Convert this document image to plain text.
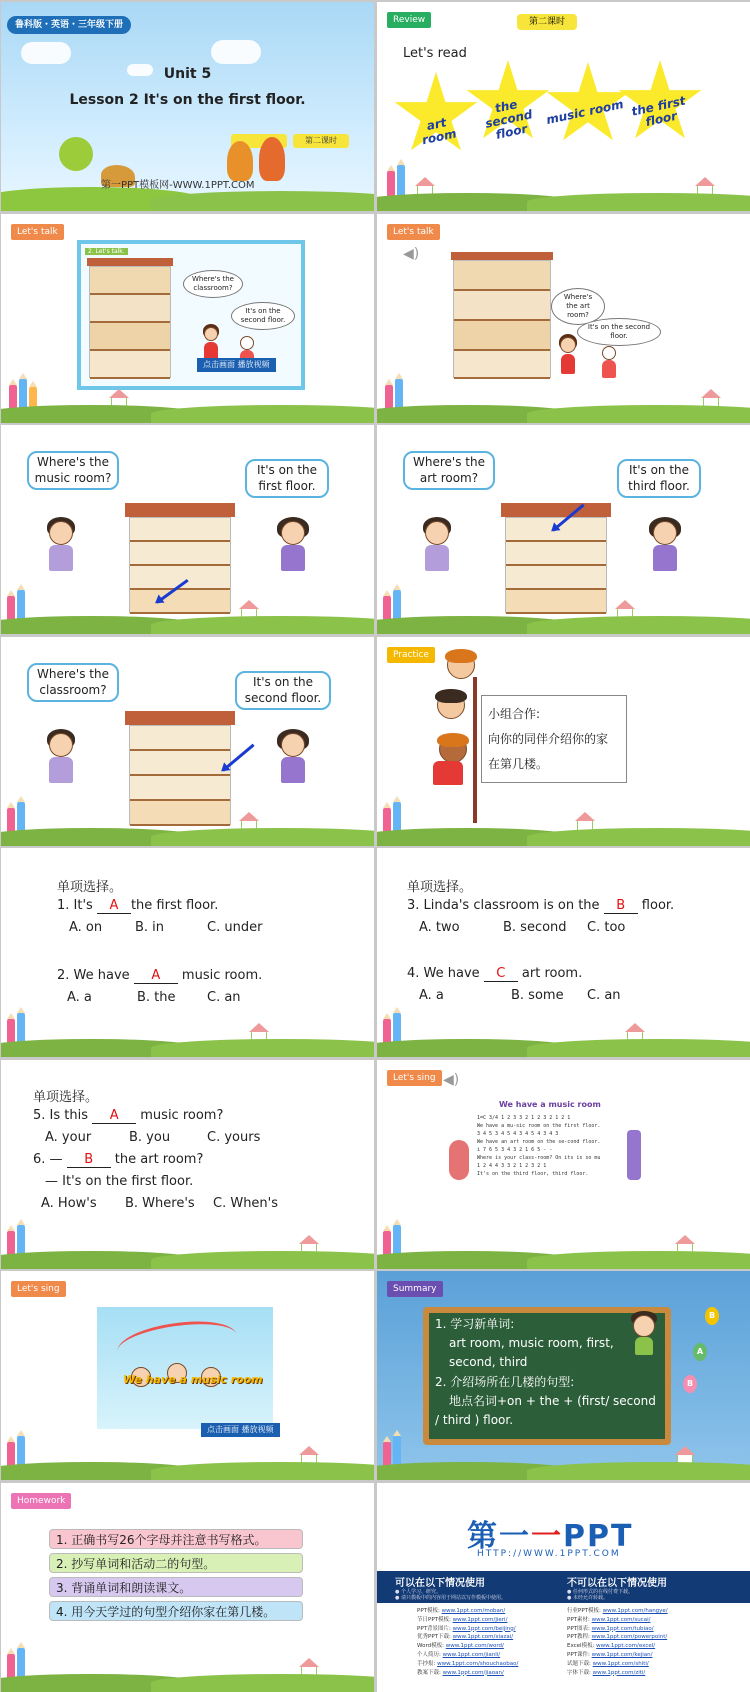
鲁科版・英语・三年级下册
Unit 5
Lesson 2 It's on the first floor.
第二课时
第一PPT模板网-WWW.1PPT.COM
Review	第二课时
Let's read
art room
the second floor
music room the first floor
Let's talk
2. Let's talk.
Where's the classroom?
It's on the second floor.
点击画面 播放视频
Let's talk
◀)
Where's the art room?
It's on the second floor.
Where's the music room?
It's on the first floor.
Where's the art room?
It's on the third floor.
Where's the classroom?
It's on the second floor.
Practice
小组合作:
向你的同伴介绍你的家
在第几楼。
单项选择。
1. It's A the first floor.
A. on	B. in	C. under
2. We have A music room.
A. a	B. the C. an
单项选择。
3. Linda's classroom is on the B floor.
A. two	B. second C. too
4. We have C art room.
A. a	B. some C. an
单项选择。
5. Is this A music room?
A. your	B. you	C. yours
6. — B the art room?
— It's on the first floor.
A. How's B. Where's C. When's
Let's sing ◀)
We have a music room
1=C 3/4 1 2 3 3 2 1 2 3 2 1 2 1
We have a mu-sic room on the first floor.
3 4 5 3 4 5 4 3 4 5 4 3 4 3
We have an art room on the se-cond floor.
i 7 6 5 3 4 3 2 1 6 5 - -
Where is your class-room? On its is so mu
1 2 4 4 3 3 2 1 2 3 2 1
It's on the third floor, third floor.
Let's sing
We have a music room
点击画面 播放视频
Summary
1. 学习新单词:
art room, music room, first,
second, third
2. 介绍场所在几楼的句型:
地点名词+on + the + (first/ second
/ third ) floor.
B
A
B
Homework
1. 正确书写26个字母并注意书写格式。
2. 抄写单词和活动二的句型。
3. 背诵单词和朗读课文。
4. 用今天学过的句型介绍你家在第几楼。
第一一PPT
HTTP://WWW.1PPT.COM
可以在以下情况使用
● 个人学习、研究。
● 请只模板中的内容用于网站以写作模板中使用。
不可以在以下情况使用
● 任何形式的在线付费下载。
● 未经允许转载。
PPT模板: www.1ppt.com/moban/
节日PPT模板: www.1ppt.com/jieri/
PPT背景图片: www.1ppt.com/beijing/
优秀PPT下载: www.1ppt.com/xiazai/
Word模板: www.1ppt.com/word/
个人简历: www.1ppt.com/jianli/
手抄报: www.1ppt.com/shouchaobao/
教案下载: www.1ppt.com/jiaoan/
行业PPT模板: www.1ppt.com/hangye/
PPT素材: www.1ppt.com/sucai/
PPT图表: www.1ppt.com/tubiao/
PPT教程: www.1ppt.com/powerpoint/
Excel模板: www.1ppt.com/excel/
PPT课件: www.1ppt.com/kejian/
试题下载: www.1ppt.com/shiti/
字体下载: www.1ppt.com/ziti/
